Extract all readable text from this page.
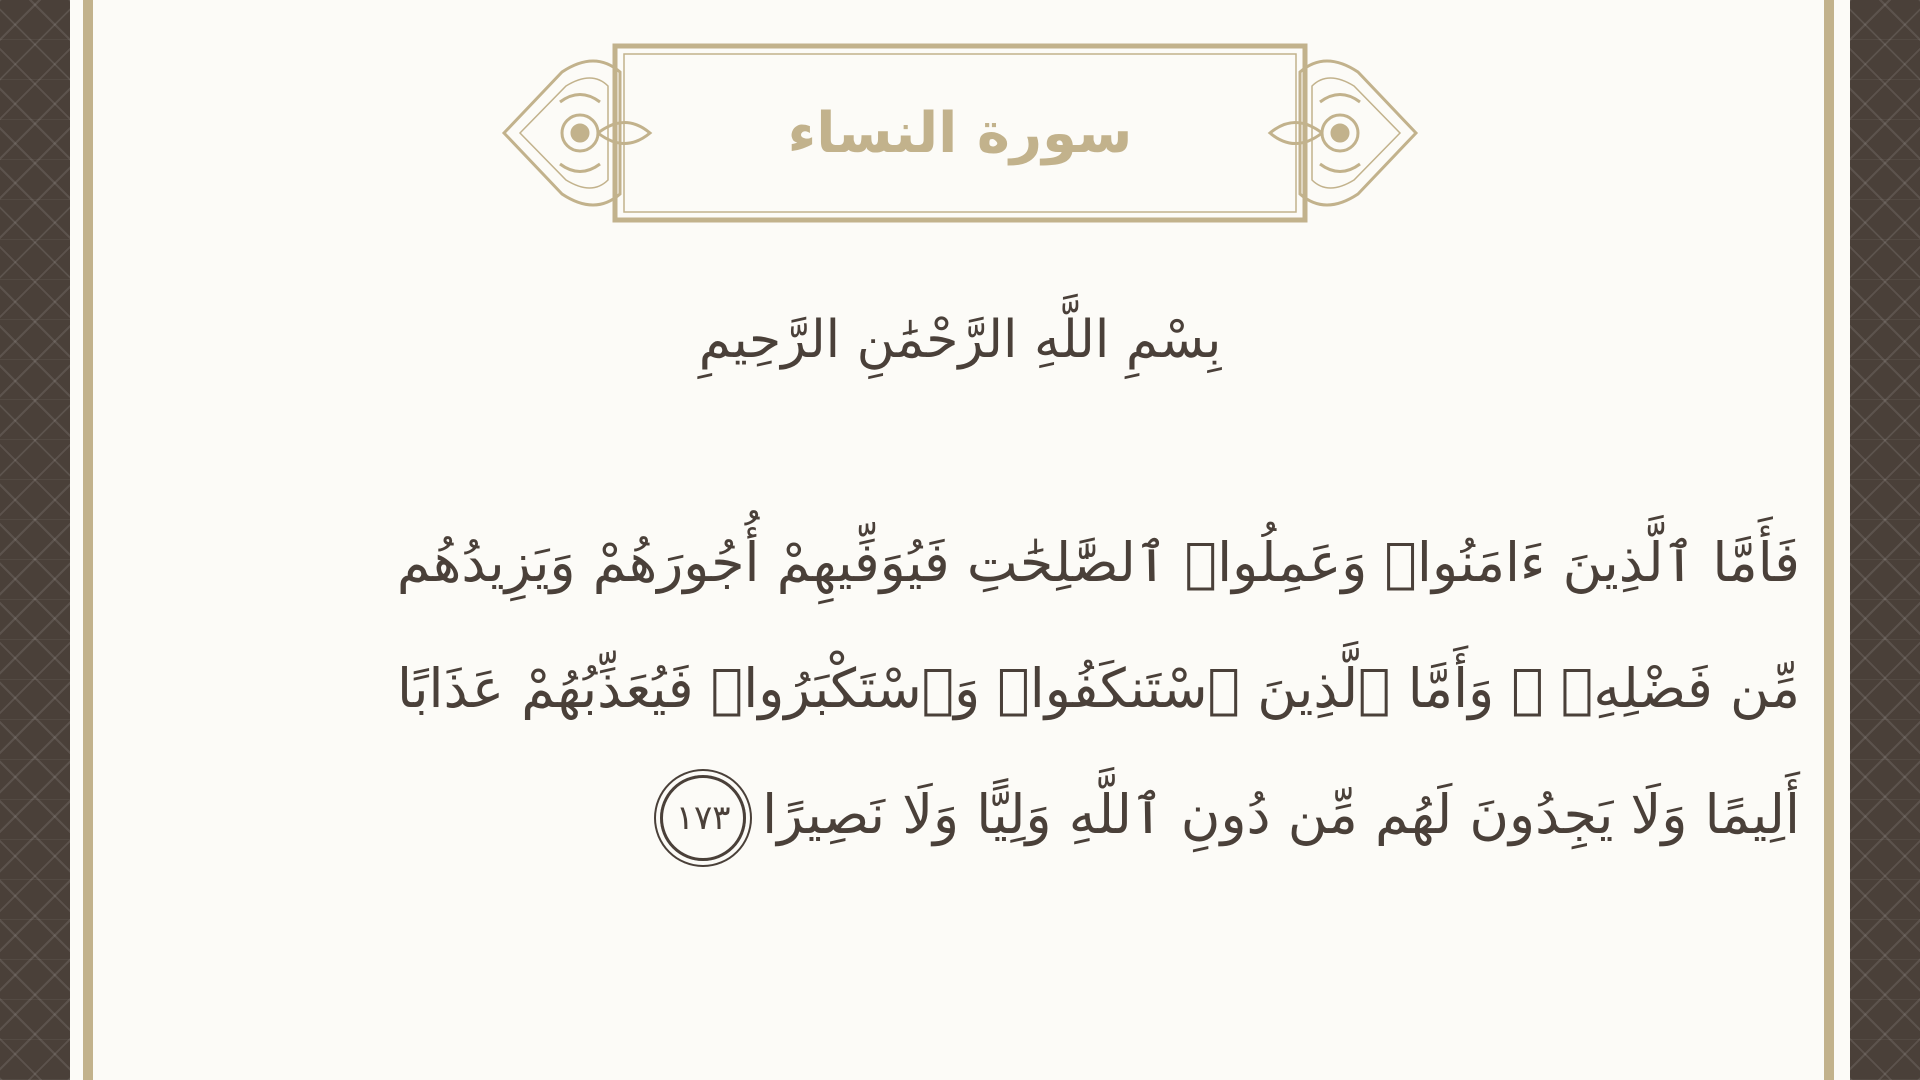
سورة النساء
بِسْمِ اللَّهِ الرَّحْمَٰنِ الرَّحِيمِ
فَأَمَّا ٱلَّذِينَ ءَامَنُوا۟ وَعَمِلُوا۟ ٱلصَّٰلِحَٰتِ فَيُوَفِّيهِمْ أُجُورَهُمْ وَيَزِيدُهُم
مِّن فَضْلِهِۦ ۖ وَأَمَّا ٱلَّذِينَ ٱسْتَنكَفُوا۟ وَٱسْتَكْبَرُوا۟ فَيُعَذِّبُهُمْ عَذَابًا
أَلِيمًا وَلَا يَجِدُونَ لَهُم مِّن دُونِ ٱللَّهِ وَلِيًّا وَلَا نَصِيرًا١٧٣
